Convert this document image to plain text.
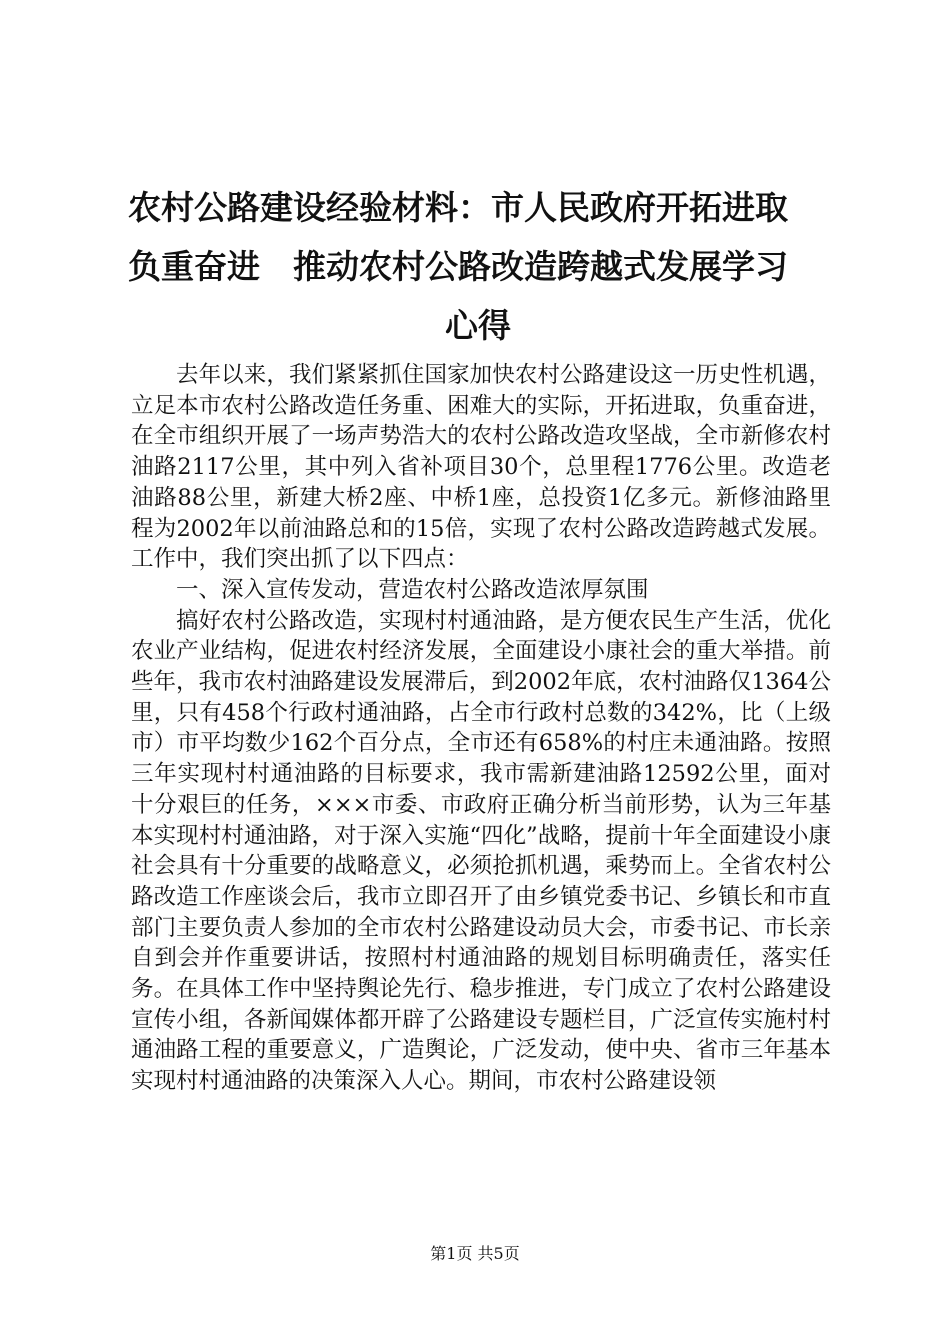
农村公路建设经验材料：市人民政府开拓进取
负重奋进　推动农村公路改造跨越式发展学习
心得

去年以来，我们紧紧抓住国家加快农村公路建设这一历史性机遇，立足本市农村公路改造任务重、困难大的实际，开拓进取，负重奋进，在全市组织开展了一场声势浩大的农村公路改造攻坚战，全市新修农村油路2117公里，其中列入省补项目30个，总里程1776公里。改造老油路88公里，新建大桥2座、中桥1座，总投资1亿多元。新修油路里程为2002年以前油路总和的15倍，实现了农村公路改造跨越式发展。工作中，我们突出抓了以下四点：

一、深入宣传发动，营造农村公路改造浓厚氛围

搞好农村公路改造，实现村村通油路，是方便农民生产生活，优化农业产业结构，促进农村经济发展，全面建设小康社会的重大举措。前些年，我市农村油路建设发展滞后，到2002年底，农村油路仅1364公里，只有458个行政村通油路，占全市行政村总数的342%，比（上级市）市平均数少162个百分点，全市还有658%的村庄未通油路。按照三年实现村村通油路的目标要求，我市需新建油路12592公里，面对十分艰巨的任务，×××市委、市政府正确分析当前形势，认为三年基本实现村村通油路，对于深入实施“四化”战略，提前十年全面建设小康社会具有十分重要的战略意义，必须抢抓机遇，乘势而上。全省农村公路改造工作座谈会后，我市立即召开了由乡镇党委书记、乡镇长和市直部门主要负责人参加的全市农村公路建设动员大会，市委书记、市长亲自到会并作重要讲话，按照村村通油路的规划目标明确责任，落实任务。在具体工作中坚持舆论先行、稳步推进，专门成立了农村公路建设宣传小组，各新闻媒体都开辟了公路建设专题栏目，广泛宣传实施村村通油路工程的重要意义，广造舆论，广泛发动，使中央、省市三年基本实现村村通油路的决策深入人心。期间，市农村公路建设领

第1页 共5页
